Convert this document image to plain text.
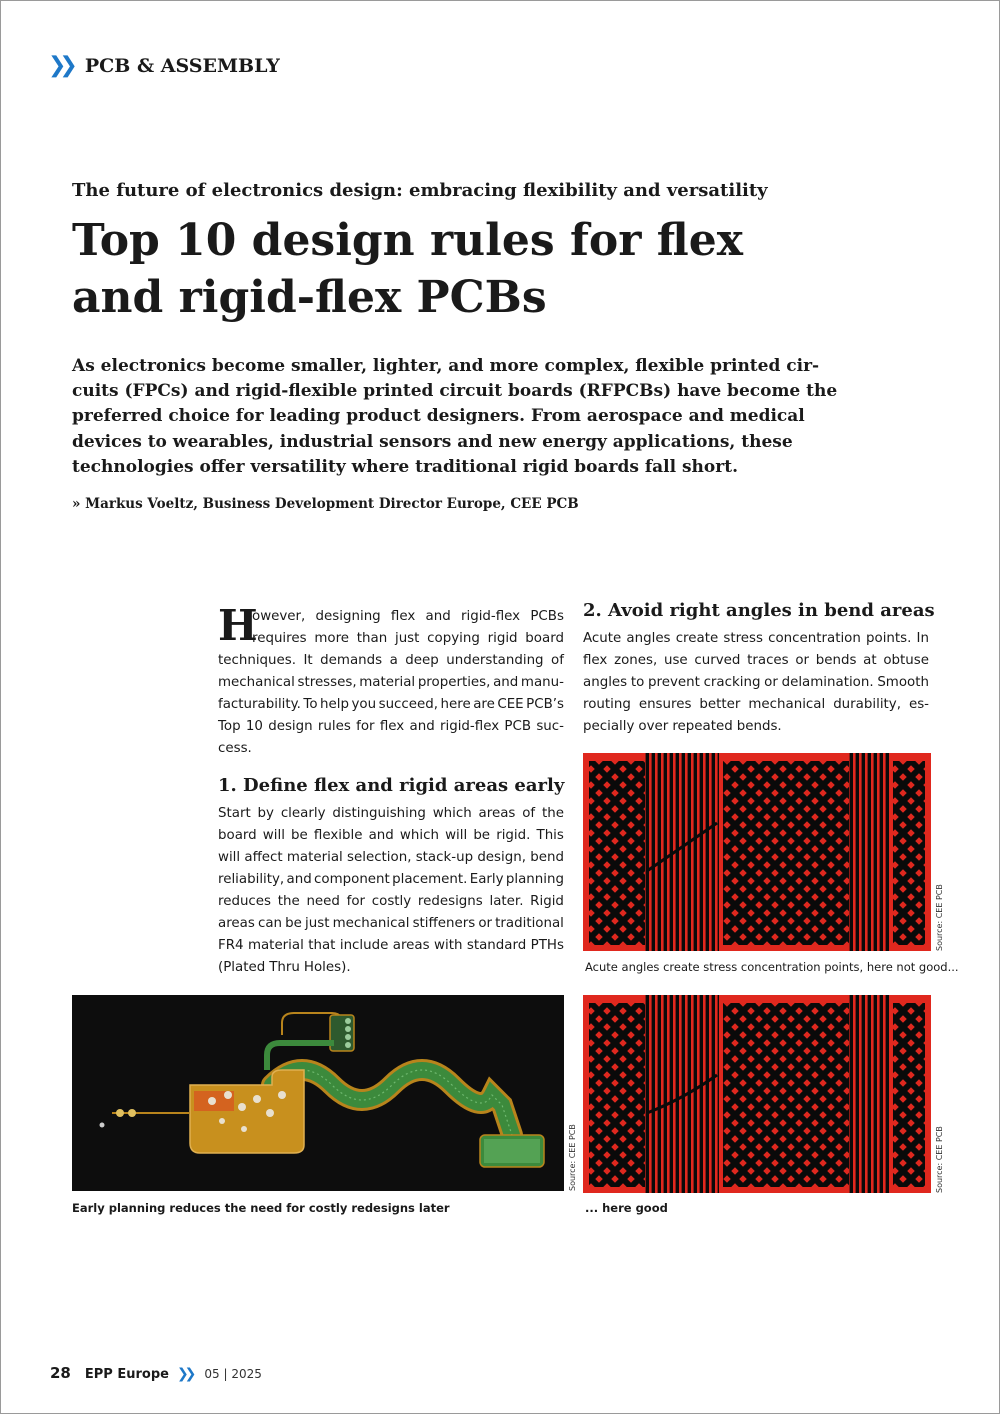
❯❯ PCB & ASSEMBLY
The future of electronics design: embracing flexibility and versatility
Top 10 design rules for flex
and rigid-flex PCBs
As electronics become smaller, lighter, and more complex, flexible printed cir-
cuits (FPCs) and rigid-flexible printed circuit boards (RFPCBs) have become the
preferred choice for leading product designers. From aerospace and medical
devices to wearables, industrial sensors and new energy applications, these
technologies offer versatility where traditional rigid boards fall short.
» Markus Voeltz, Business Development Director Europe, CEE PCB
H
owever, designing flex and rigid-flex PCBs
requires more than just copying rigid board
techniques. It demands a deep understanding of
mechanical stresses, material properties, and manu-
facturability. To help you succeed, here are CEE PCB’s
Top 10 design rules for flex and rigid-flex PCB suc-
cess.
1. Define flex and rigid areas early
Start by clearly distinguishing which areas of the
board will be flexible and which will be rigid. This
will affect material selection, stack-up design, bend
reliability, and component placement. Early planning
reduces the need for costly redesigns later. Rigid
areas can be just mechanical stiffeners or traditional
FR4 material that include areas with standard PTHs
(Plated Thru Holes).
2. Avoid right angles in bend areas
Acute angles create stress concentration points. In
flex zones, use curved traces or bends at obtuse
angles to prevent cracking or delamination. Smooth
routing ensures better mechanical durability, es-
pecially over repeated bends.
Source: CEE PCB
Acute angles create stress concentration points, here not good...
Source: CEE PCB
Early planning reduces the need for costly redesigns later
Source: CEE PCB
... here good
28 EPP Europe ❯❯	05 | 2025
